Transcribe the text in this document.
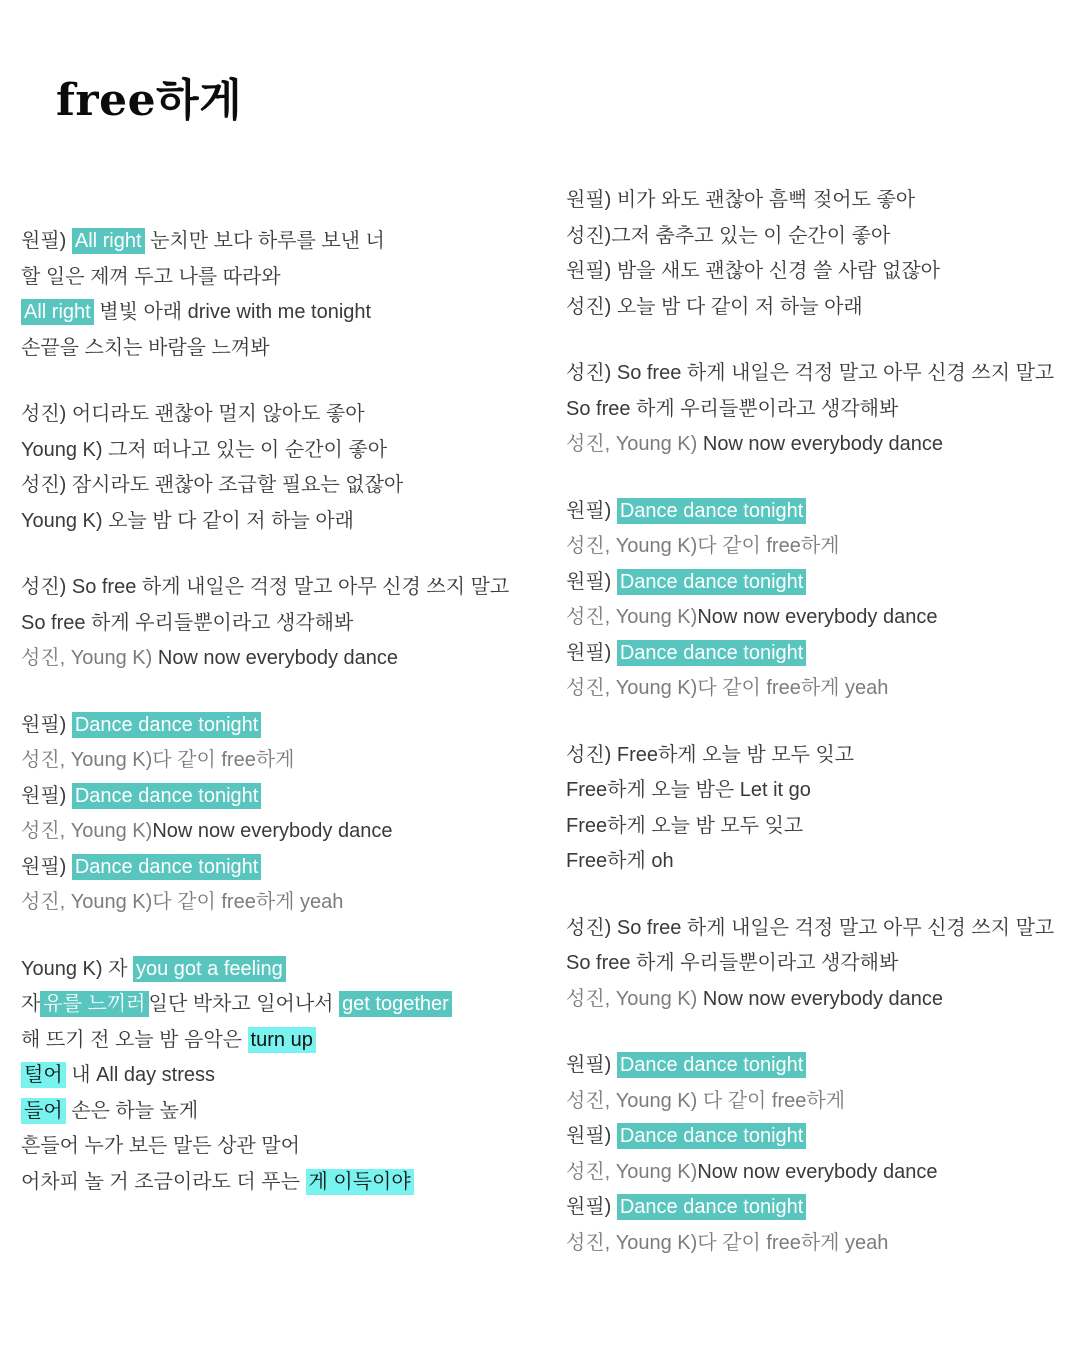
free하게
원필) All right 눈치만 보다 하루를 보낸 너
할 일은 제껴 두고 나를 따라와
All right 별빛 아래 drive with me tonight
손끝을 스치는 바람을 느껴봐
성진) 어디라도 괜찮아 멀지 않아도 좋아
Young K) 그저 떠나고 있는 이 순간이 좋아
성진) 잠시라도 괜찮아 조급할 필요는 없잖아
Young K) 오늘 밤 다 같이 저 하늘 아래
성진) So free 하게 내일은 걱정 말고 아무 신경 쓰지 말고
So free 하게 우리들뿐이라고 생각해봐
성진, Young K) Now now everybody dance
원필) Dance dance tonight
성진, Young K)다 같이 free하게
원필) Dance dance tonight
성진, Young K)Now now everybody dance
원필) Dance dance tonight
성진, Young K)다 같이 free하게 yeah
Young K) 자 you got a feeling
자 유를 느끼러 일단 박차고 일어나서 get together
해 뜨기 전 오늘 밤 음악은 turn up
털어 내 All day stress
들어 손은 하늘 높게
흔들어 누가 보든 말든 상관 말어
어차피 놀 거 조금이라도 더 푸는 게 이득이야
원필) 비가 와도 괜찮아 흠뻑 젖어도 좋아
성진)그저 춤추고 있는 이 순간이 좋아
원필) 밤을 새도 괜찮아 신경 쓸 사람 없잖아
성진) 오늘 밤 다 같이 저 하늘 아래
성진) So free 하게 내일은 걱정 말고 아무 신경 쓰지 말고
So free 하게 우리들뿐이라고 생각해봐
성진, Young K) Now now everybody dance
원필) Dance dance tonight
성진, Young K)다 같이 free하게
원필) Dance dance tonight
성진, Young K)Now now everybody dance
원필) Dance dance tonight
성진, Young K)다 같이 free하게 yeah
성진) Free하게 오늘 밤 모두 잊고
Free하게 오늘 밤은 Let it go
Free하게 오늘 밤 모두 잊고
Free하게 oh
성진) So free 하게 내일은 걱정 말고 아무 신경 쓰지 말고
So free 하게 우리들뿐이라고 생각해봐
성진, Young K) Now now everybody dance
원필) Dance dance tonight
성진, Young K) 다 같이 free하게
원필) Dance dance tonight
성진, Young K)Now now everybody dance
원필) Dance dance tonight
성진, Young K)다 같이 free하게 yeah
